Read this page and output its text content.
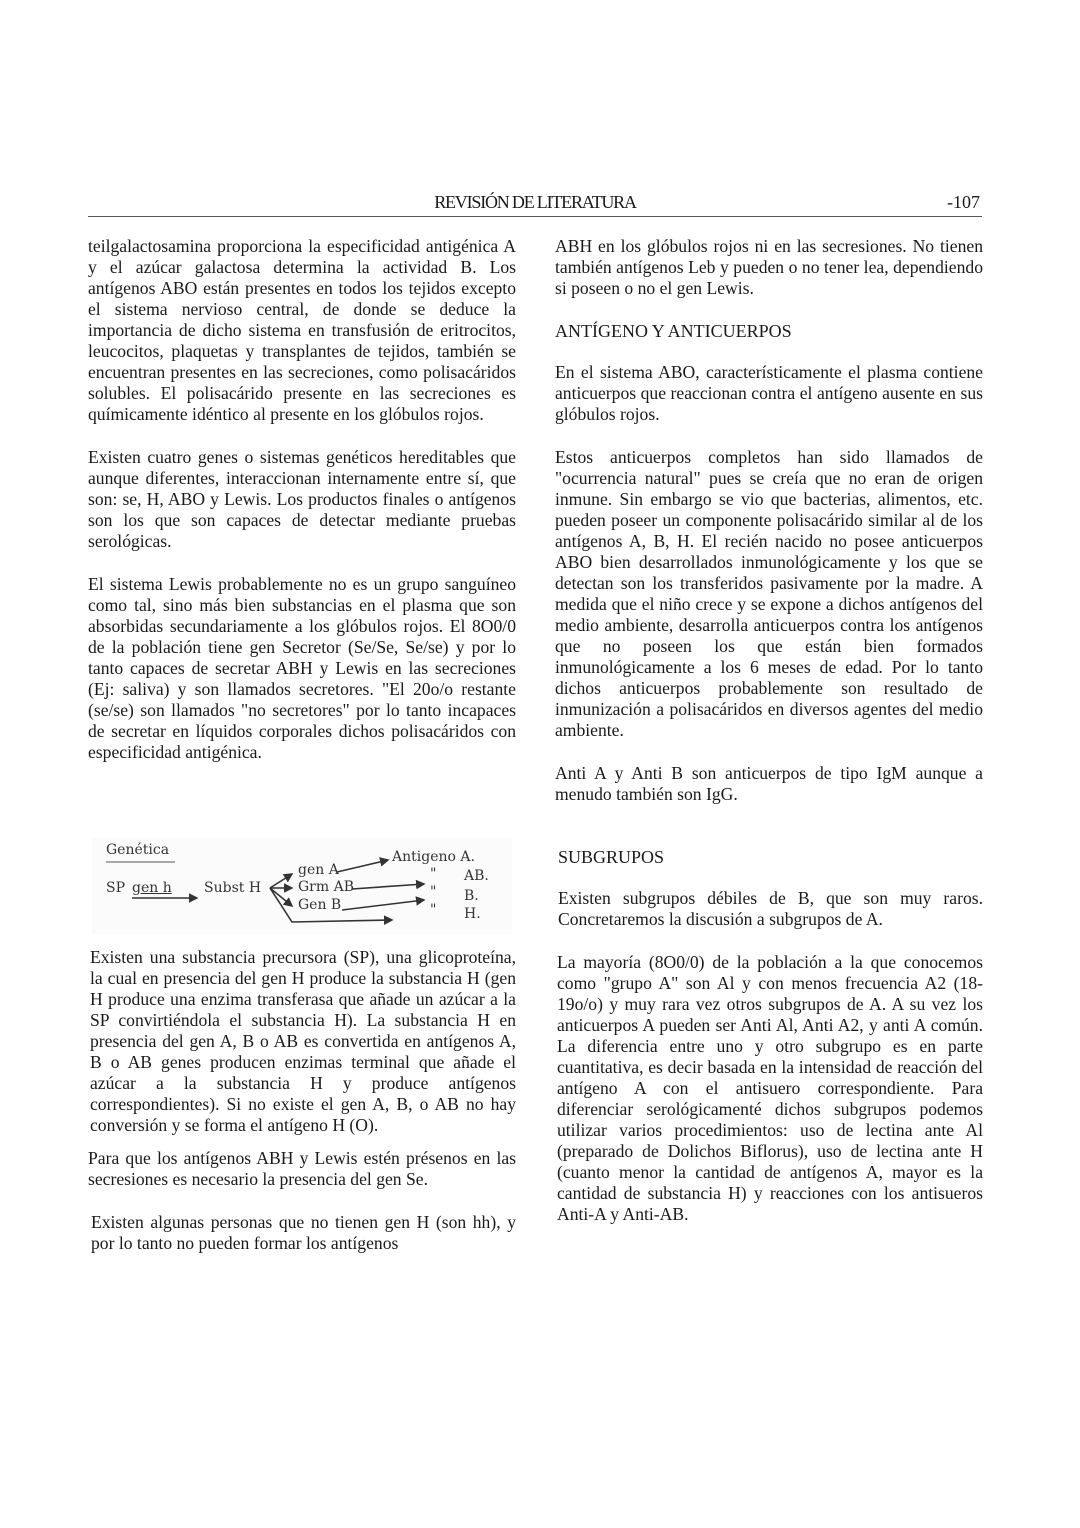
REVISIÓN DE LITERATURA	-107

teilgalactosamina proporciona la especificidad antigénica A y el azúcar galactosa determina la actividad B. Los antígenos ABO están presentes en todos los tejidos excepto el sistema nervioso central, de donde se deduce la importancia de dicho sistema en transfusión de eritrocitos, leucocitos, plaquetas y transplantes de tejidos, también se encuentran presentes en las secreciones, como polisacáridos solubles. El polisacárido presente en las secreciones es químicamente idéntico al presente en los glóbulos rojos.

Existen cuatro genes o sistemas genéticos hereditables que aunque diferentes, interaccionan internamente entre sí, que son: se, H, ABO y Lewis. Los productos finales o antígenos son los que son capaces de detectar mediante pruebas serológicas.

El sistema Lewis probablemente no es un grupo sanguíneo como tal, sino más bien substancias en el plasma que son absorbidas secundariamente a los glóbulos rojos. El 8O0/0 de la población tiene gen Secretor (Se/Se, Se/se) y por lo tanto capaces de secretar ABH y Lewis en las secreciones (Ej: saliva) y son llamados secretores. "El 20o/o restante (se/se) son llamados "no secretores" por lo tanto incapaces de secretar en líquidos corporales dichos polisacáridos con especificidad antigénica.

Genética
SP gen h Subst H
gen A
Grm AB
Gen B
Antigeno A.
"
"
"
AB.
B.
H.

Existen una substancia precursora (SP), una glicoproteína, la cual en presencia del gen H produce la substancia H (gen H produce una enzima transferasa que añade un azúcar a la SP convirtiéndola el substancia H). La substancia H en presencia del gen A, B o AB es convertida en antígenos A, B o AB genes producen enzimas terminal que añade el azúcar a la substancia H y produce antígenos correspondientes). Si no existe el gen A, B, o AB no hay conversión y se forma el antígeno H (O).

Para que los antígenos ABH y Lewis estén présenos en las secresiones es necesario la presencia del gen Se.

Existen algunas personas que no tienen gen H (son hh), y por lo tanto no pueden formar los antígenos

ABH en los glóbulos rojos ni en las secresiones. No tienen también antígenos Leb y pueden o no tener lea, dependiendo si poseen o no el gen Lewis.

ANTÍGENO Y ANTICUERPOS

En el sistema ABO, característicamente el plasma contiene anticuerpos que reaccionan contra el antígeno ausente en sus glóbulos rojos.

Estos anticuerpos completos han sido llamados de "ocurrencia natural" pues se creía que no eran de origen inmune. Sin embargo se vio que bacterias, alimentos, etc. pueden poseer un componente polisacárido similar al de los antígenos A, B, H. El recién nacido no posee anticuerpos ABO bien desarrollados inmunológicamente y los que se detectan son los transferidos pasivamente por la madre. A medida que el niño crece y se expone a dichos antígenos del medio ambiente, desarrolla anticuerpos contra los antígenos que no poseen los que están bien formados inmunológicamente a los 6 meses de edad. Por lo tanto dichos anticuerpos probablemente son resultado de inmunización a polisacáridos en diversos agentes del medio ambiente.

Anti A y Anti B son anticuerpos de tipo IgM aunque a menudo también son IgG.

SUBGRUPOS

Existen subgrupos débiles de B, que son muy raros. Concretaremos la discusión a subgrupos de A.

La mayoría (8O0/0) de la población a la que conocemos como "grupo A" son Al y con menos frecuencia A2 (18-19o/o) y muy rara vez otros subgrupos de A. A su vez los anticuerpos A pueden ser Anti Al, Anti A2, y anti A común. La diferencia entre uno y otro subgrupo es en parte cuantitativa, es decir basada en la intensidad de reacción del antígeno A con el antisuero correspondiente. Para diferenciar serológicamenté dichos subgrupos podemos utilizar varios procedimientos: uso de lectina ante Al (preparado de Dolichos Biflorus), uso de lectina ante H (cuanto menor la cantidad de antígenos A, mayor es la cantidad de substancia H) y reacciones con los antisueros Anti-A y Anti-AB.
